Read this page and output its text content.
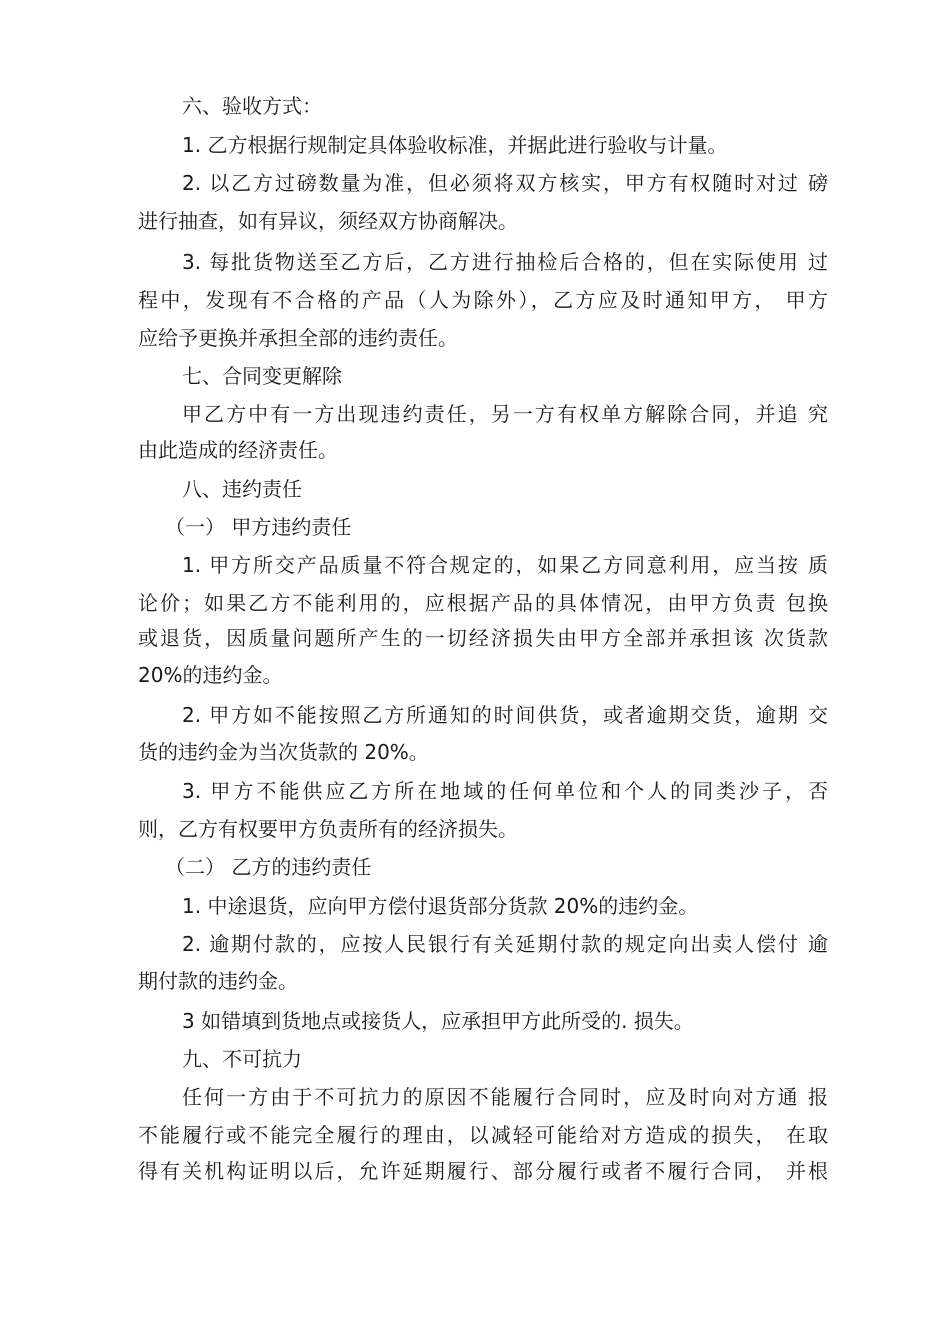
六、验收方式：
1. 乙方根据行规制定具体验收标准，并据此进行验收与计量。
2. 以乙方过磅数量为准，但必须将双方核实，甲方有权随时对过 磅
进行抽查，如有异议，须经双方协商解决。
3. 每批货物送至乙方后，乙方进行抽检后合格的，但在实际使用 过
程中，发现有不合格的产品（人为除外），乙方应及时通知甲方， 甲方
应给予更换并承担全部的违约责任。
七、合同变更解除
甲乙方中有一方出现违约责任，另一方有权单方解除合同，并追 究
由此造成的经济责任。
八、违约责任
（一） 甲方违约责任
1. 甲方所交产品质量不符合规定的，如果乙方同意利用，应当按 质
论价；如果乙方不能利用的，应根据产品的具体情况，由甲方负责 包换
或退货，因质量问题所产生的一切经济损失由甲方全部并承担该 次货款
20%的违约金。
2. 甲方如不能按照乙方所通知的时间供货，或者逾期交货，逾期 交
货的违约金为当次货款的 20%。
3. 甲方不能供应乙方所在地域的任何单位和个人的同类沙子，否
则，乙方有权要甲方负责所有的经济损失。
（二） 乙方的违约责任
1. 中途退货，应向甲方偿付退货部分货款 20%的违约金。
2. 逾期付款的，应按人民银行有关延期付款的规定向出卖人偿付 逾
期付款的违约金。
3 如错填到货地点或接货人，应承担甲方此所受的. 损失。
九、不可抗力
任何一方由于不可抗力的原因不能履行合同时，应及时向对方通 报
不能履行或不能完全履行的理由，以减轻可能给对方造成的损失， 在取
得有关机构证明以后，允许延期履行、部分履行或者不履行合同， 并根
